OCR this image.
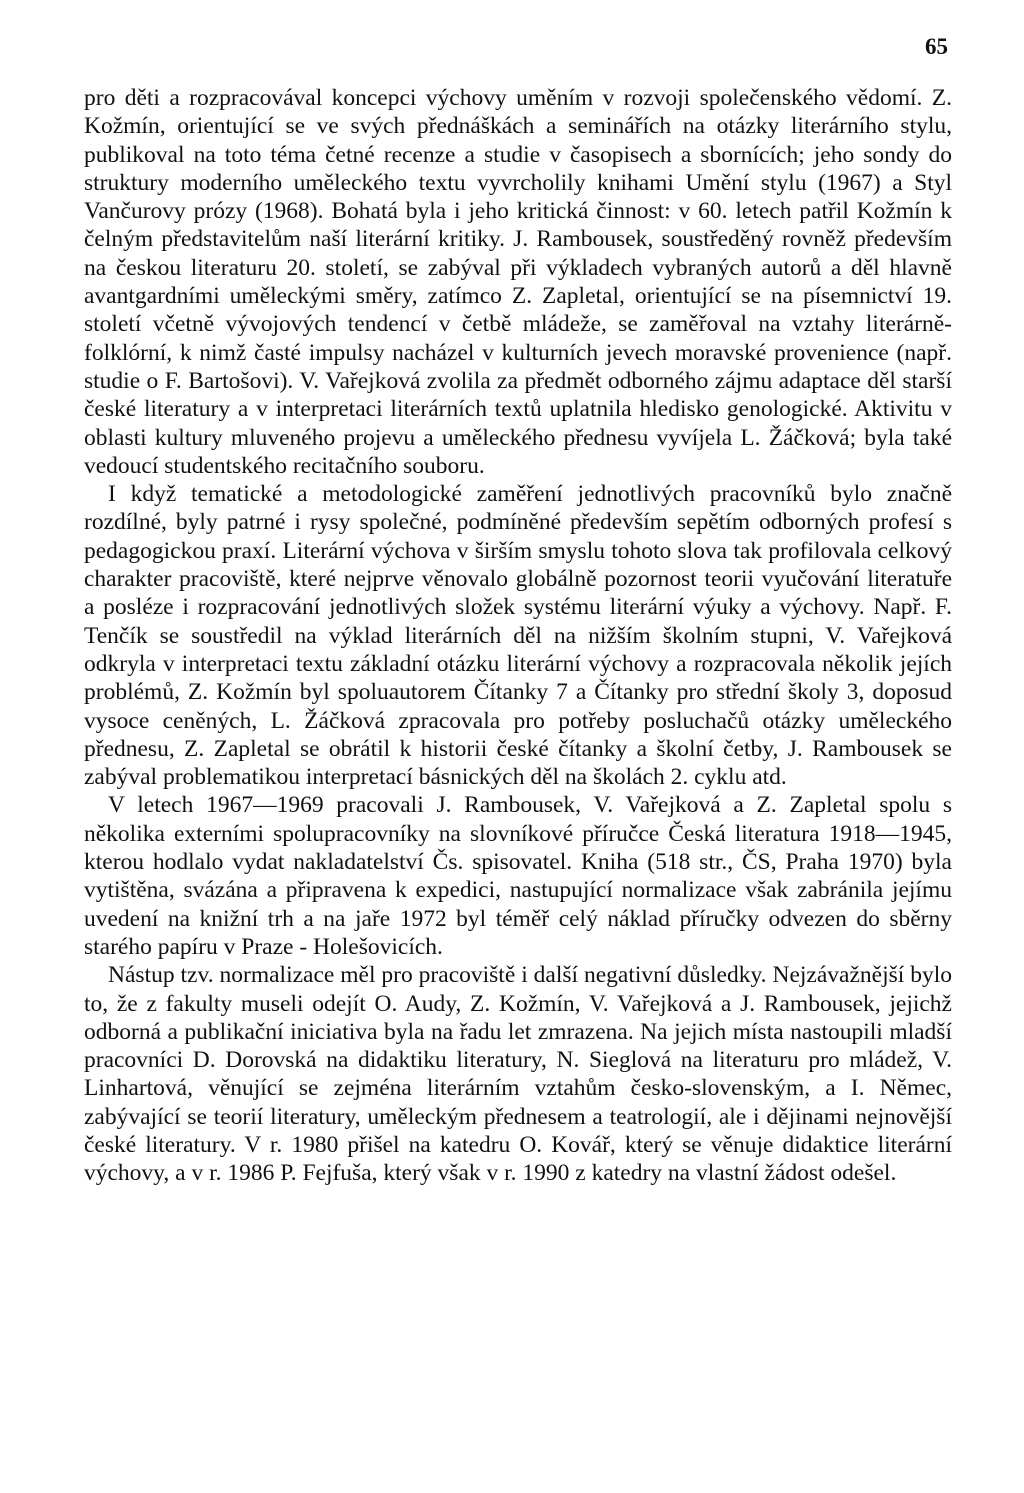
65

pro děti a rozpracovával koncepci výchovy uměním v rozvoji společenského vědomí. Z. Kožmín, orientující se ve svých přednáškách a seminářích na otázky literárního stylu, publikoval na toto téma četné recenze a studie v časopisech a sbornících; jeho sondy do struktury moderního uměleckého textu vyvrcholily knihami Umění stylu (1967) a Styl Vančurovy prózy (1968). Bohatá byla i jeho kritická činnost: v 60. letech patřil Kožmín k čelným představitelům naší literární kritiky. J. Rambousek, soustředěný rovněž především na českou literaturu 20. století, se zabýval při výkladech vybraných autorů a děl hlavně avantgardními uměleckými směry, zatímco Z. Zapletal, orientující se na písemnictví 19. století včetně vývojových tendencí v četbě mládeže, se zaměřoval na vztahy literárně-folklórní, k nimž časté impulsy nacházel v kulturních jevech moravské provenience (např. studie o F. Bartošovi). V. Vařejková zvolila za předmět odborného zájmu adaptace děl starší české literatury a v interpretaci literárních textů uplatnila hledisko genologické. Aktivitu v oblasti kultury mluveného projevu a uměleckého přednesu vyvíjela L. Žáčková; byla také vedoucí studentského recitačního souboru.

I když tematické a metodologické zaměření jednotlivých pracovníků bylo značně rozdílné, byly patrné i rysy společné, podmíněné především sepětím odborných profesí s pedagogickou praxí. Literární výchova v širším smyslu tohoto slova tak profilovala celkový charakter pracoviště, které nejprve věnovalo globálně pozornost teorii vyučování literatuře a posléze i rozpracování jednotlivých složek systému literární výuky a výchovy. Např. F. Tenčík se soustředil na výklad literárních děl na nižším školním stupni, V. Vařejková odkryla v interpretaci textu základní otázku literární výchovy a rozpracovala několik jejích problémů, Z. Kožmín byl spoluautorem Čítanky 7 a Čítanky pro střední školy 3, doposud vysoce ceněných, L. Žáčková zpracovala pro potřeby posluchačů otázky uměleckého přednesu, Z. Zapletal se obrátil k historii české čítanky a školní četby, J. Rambousek se zabýval problematikou interpretací básnických děl na školách 2. cyklu atd.

V letech 1967—1969 pracovali J. Rambousek, V. Vařejková a Z. Zapletal spolu s několika externími spolupracovníky na slovníkové příručce Česká literatura 1918—1945, kterou hodlalo vydat nakladatelství Čs. spisovatel. Kniha (518 str., ČS, Praha 1970) byla vytištěna, svázána a připravena k expedici, nastupující normalizace však zabránila jejímu uvedení na knižní trh a na jaře 1972 byl téměř celý náklad příručky odvezen do sběrny starého papíru v Praze - Holešovicích.

Nástup tzv. normalizace měl pro pracoviště i další negativní důsledky. Nejzávažnější bylo to, že z fakulty museli odejít O. Audy, Z. Kožmín, V. Vařejková a J. Rambousek, jejichž odborná a publikační iniciativa byla na řadu let zmrazena. Na jejich místa nastoupili mladší pracovníci D. Dorovská na didaktiku literatury, N. Sieglová na literaturu pro mládež, V. Linhartová, věnující se zejména literárním vztahům česko-slovenským, a I. Němec, zabývající se teorií literatury, uměleckým přednesem a teatrologií, ale i dějinami nejnovější české literatury. V r. 1980 přišel na katedru O. Kovář, který se věnuje didaktice literární výchovy, a v r. 1986 P. Fejfuša, který však v r. 1990 z katedry na vlastní žádost odešel.
